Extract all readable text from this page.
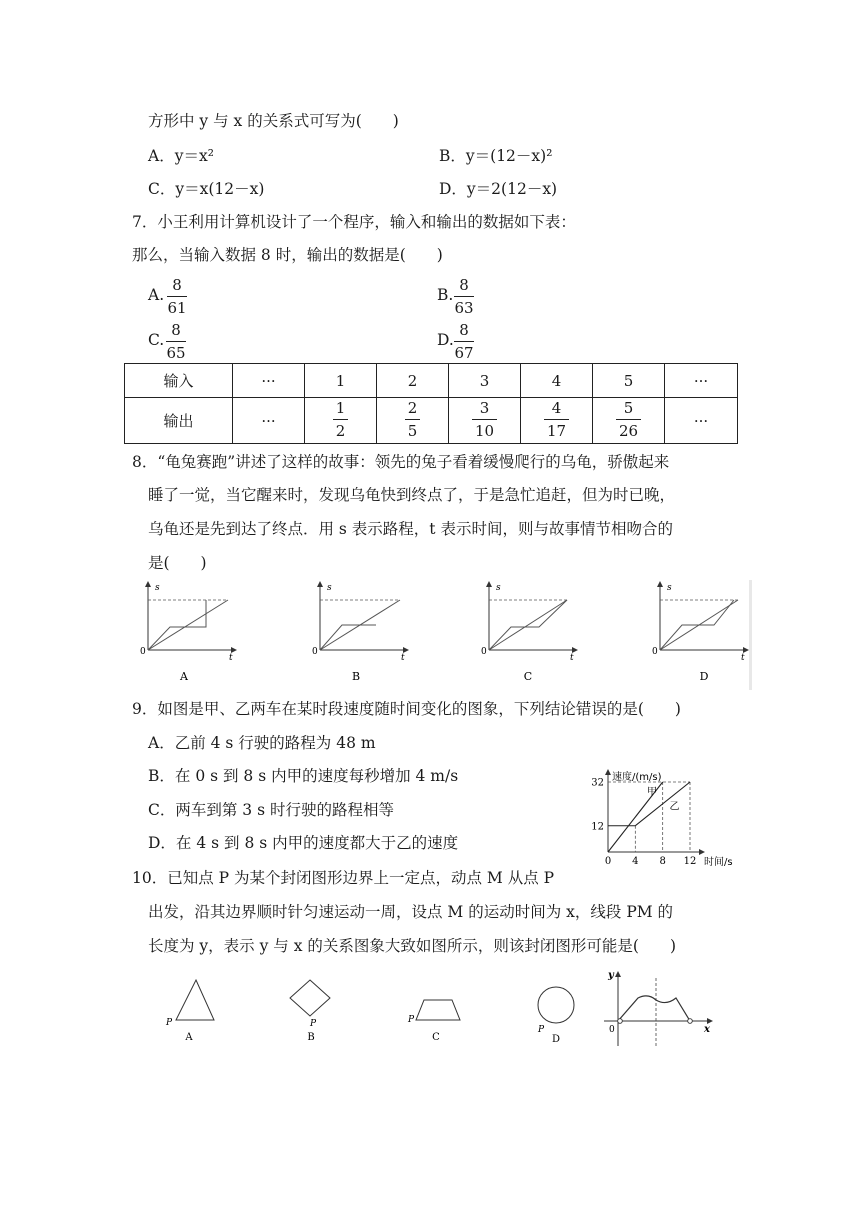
方形中 y 与 x 的关系式可写为(　　)
A．y＝x²	B．y＝(12－x)²
C．y＝x(12－x)	D．y＝2(12－x)
7．小王利用计算机设计了一个程序，输入和输出的数据如下表：
那么，当输入数据 8 时，输出的数据是(　　)
A.
8
61
B.
8
63
C.
8
65
D.
8
67
输入	···	1	2	3	4	5	···
输出	···	$\frac{1}{2}$	$\frac{2}{5}$	$\frac{3}{10}$	$\frac{4}{17}$	$\frac{5}{26}$	···
8．“龟兔赛跑”讲述了这样的故事：领先的兔子看着缓慢爬行的乌龟，骄傲起来
睡了一觉，当它醒来时，发现乌龟快到终点了，于是急忙追赶，但为时已晚，
乌龟还是先到达了终点．用 s 表示路程，t 表示时间，则与故事情节相吻合的
是(　　)
s
t
0
A
s
t
0
B
s
t
0
C
s
t
0
D
9．如图是甲、乙两车在某时段速度随时间变化的图象，下列结论错误的是(　　)
A．乙前 4 s 行驶的路程为 48 m
B．在 0 s 到 8 s 内甲的速度每秒增加 4 m/s
C．两车到第 3 s 时行驶的路程相等
D．在 4 s 到 8 s 内甲的速度都大于乙的速度
速度/(m/s)
时间/s
12
32
0 4 8 12
甲
乙
10．已知点 P 为某个封闭图形边界上一定点，动点 M 从点 P
出发，沿其边界顺时针匀速运动一周，设点 M 的运动时间为 x，线段 PM 的
长度为 y，表示 y 与 x 的关系图象大致如图所示，则该封闭图形可能是(　　)
P
A
P
B
P
C
P
D
y
x
0
